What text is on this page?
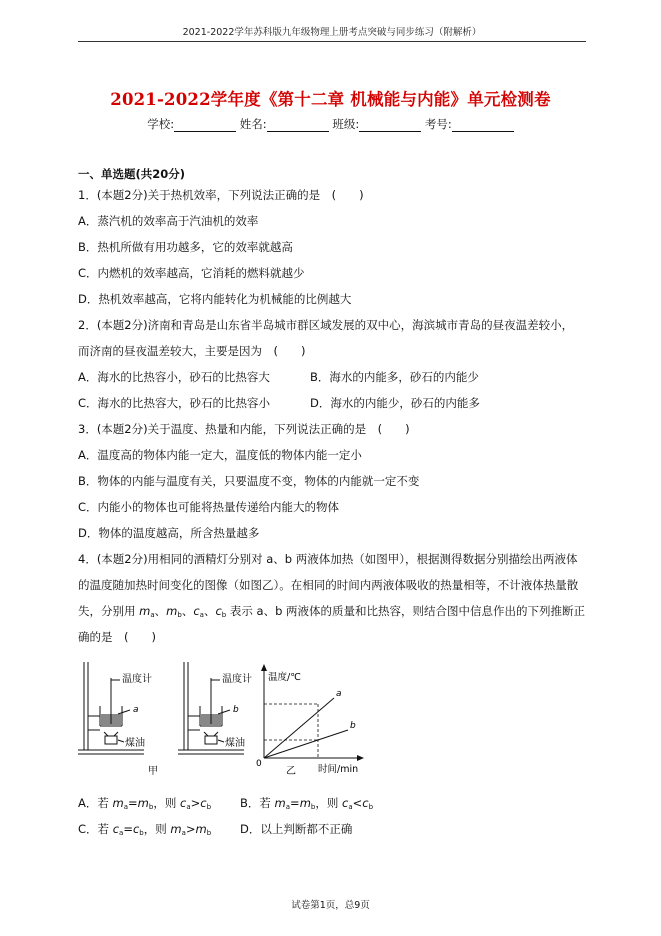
2021-2022学年苏科版九年级物理上册考点突破与同步练习（附解析）
2021-2022学年度《第十二章 机械能与内能》单元检测卷
学校:	姓名:	班级:	考号:
一、单选题(共20分)
1．(本题2分)关于热机效率，下列说法正确的是　(　　)
A．蒸汽机的效率高于汽油机的效率
B．热机所做有用功越多，它的效率就越高
C．内燃机的效率越高，它消耗的燃料就越少
D．热机效率越高，它将内能转化为机械能的比例越大
2．(本题2分)济南和青岛是山东省半岛城市群区域发展的双中心，海滨城市青岛的昼夜温差较小，
而济南的昼夜温差较大，主要是因为　(　　)
A．海水的比热容小，砂石的比热容大	B．海水的内能多，砂石的内能少
C．海水的比热容大，砂石的比热容小	D．海水的内能少，砂石的内能多
3．(本题2分)关于温度、热量和内能，下列说法正确的是　(　　)
A．温度高的物体内能一定大，温度低的物体内能一定小
B．物体的内能与温度有关，只要温度不变，物体的内能就一定不变
C．内能小的物体也可能将热量传递给内能大的物体
D．物体的温度越高，所含热量越多
4．(本题2分)用相同的酒精灯分别对 a、b 两液体加热（如图甲），根据测得数据分别描绘出两液体
的温度随加热时间变化的图像（如图乙）。在相同的时间内两液体吸收的热量相等，不计液体热量散
失，分别用 $m_a$、$m_b$、$c_a$、$c_b$ 表示 a、b 两液体的质量和比热容，则结合图中信息作出的下列推断正
确的是　(　　)
温度计
a
煤油
温度计
b
煤油
甲
温度/℃
时间/min
0
a
b
乙
A．若 $m_a=m_b$，则 $c_a>c_b$	B．若 $m_a=m_b$，则 $c_a<c_b$
C．若 $c_a=c_b$，则 $m_a>m_b$	D．以上判断都不正确
试卷第1页，总9页
